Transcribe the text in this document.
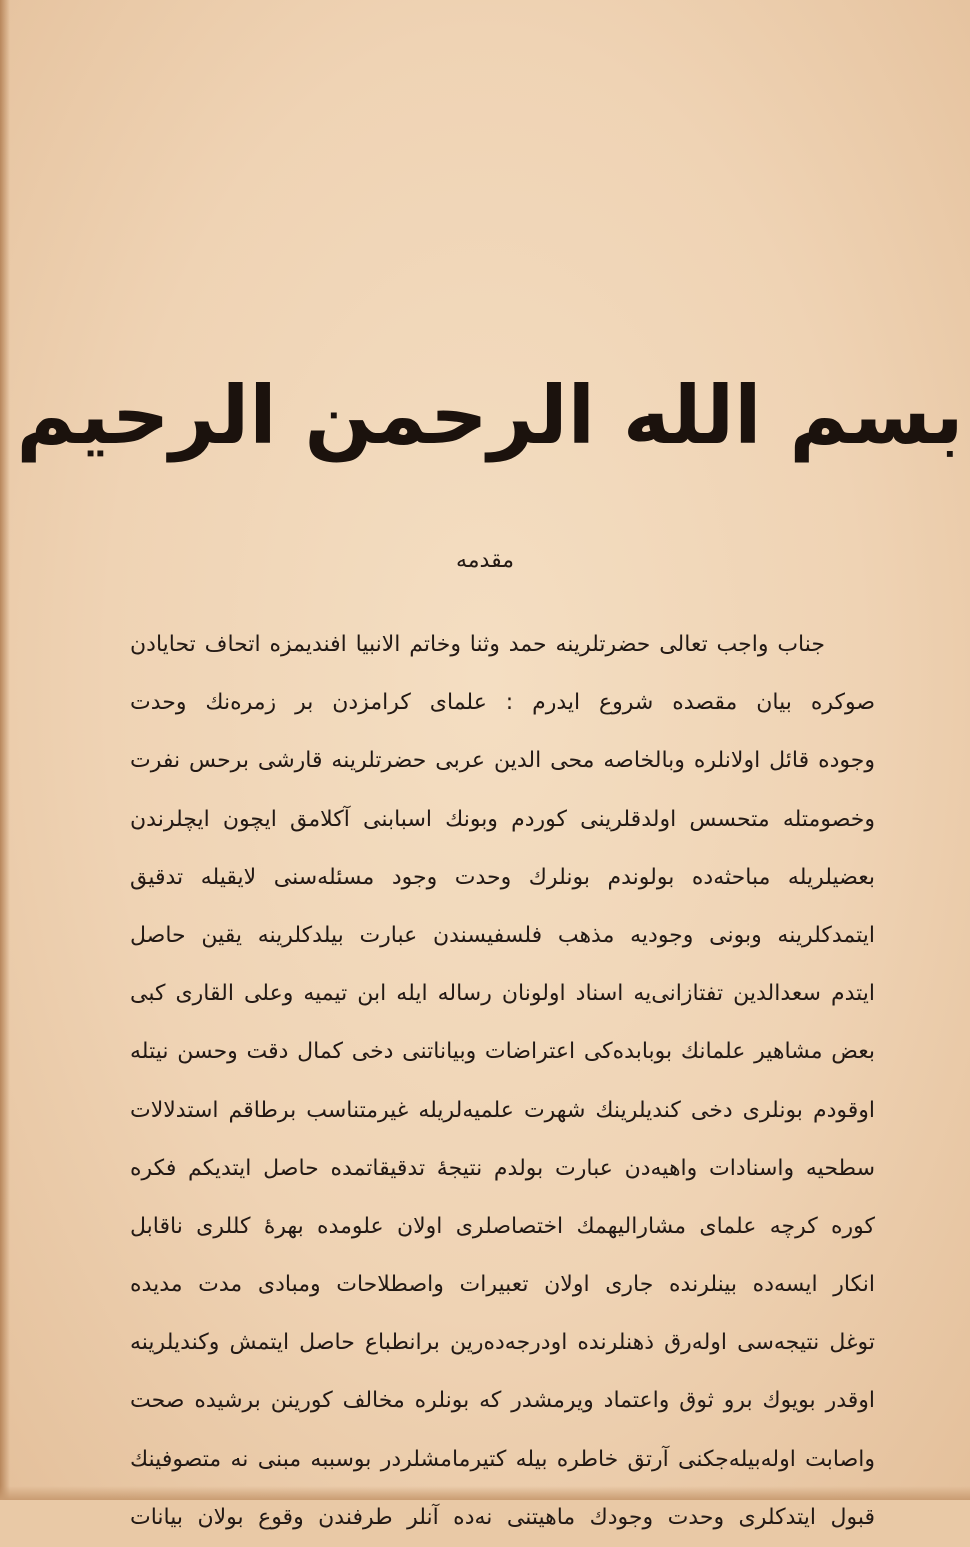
بسم الله الرحمن الرحيم
مقدمه
جناب واجب تعالی حضرتلرینه حمد وثنا وخاتم الانبیا افندیمزه اتحاف تحایادن
صوكره بیان مقصده شروع ایدرم : علمای كرامزدن بر زمره‌نك وحدت
وجوده قائل اولانلره وبالخاصه محی الدین عربی حضرتلرینه قارشی برحس نفرت
وخصومتله متحسس اولدقلرینی كوردم وبونك اسبابنی آكلامق ایچون ایچلرندن
بعضیلریله مباحثه‌ده بولوندم بونلرك وحدت وجود مسئله‌سنی لایقیله تدقیق
ایتمدكلرینه وبونی وجودیه مذهب فلسفیسندن عبارت بیلدكلرینه یقین حاصل
ایتدم سعدالدین تفتازانی‌یه اسناد اولونان رساله ایله ابن تیمیه وعلی القاری كبی
بعض مشاهیر علمانك بوبابده‌كی اعتراضات وبیاناتنی دخی كمال دقت وحسن نیتله
اوقودم بونلری دخی كندیلرینك شهرت علمیه‌لریله غیرمتناسب برطاقم استدلالات
سطحیه واسنادات واهیه‌دن عبارت بولدم نتیجهٔ تدقیقاتمده حاصل ایتدیكم فكره
كوره كرچه علمای مشارالیهمك اختصاصلری اولان علومده بهرهٔ كللری ناقابل
انكار ایسه‌ده بینلرنده جاری اولان تعبیرات واصطلاحات ومبادی مدت مدیده
توغل نتیجه‌سی اوله‌رق ذهنلرنده اودرجه‌ده‌رین برانطباع حاصل ایتمش وكندیلرینه
اوقدر بویوك برو ثوق واعتماد ویرمشدر كه بونلره مخالف كورینن برشیده صحت
واصابت اوله‌بیله‌جكنی آرتق خاطره بیله كتیرمامشلردر بوسببه مبنی نه متصوفینك
قبول ایتدكلری وحدت وجودك ماهیتنی نه‌ده آنلر طرفندن وقوع بولان بیانات
